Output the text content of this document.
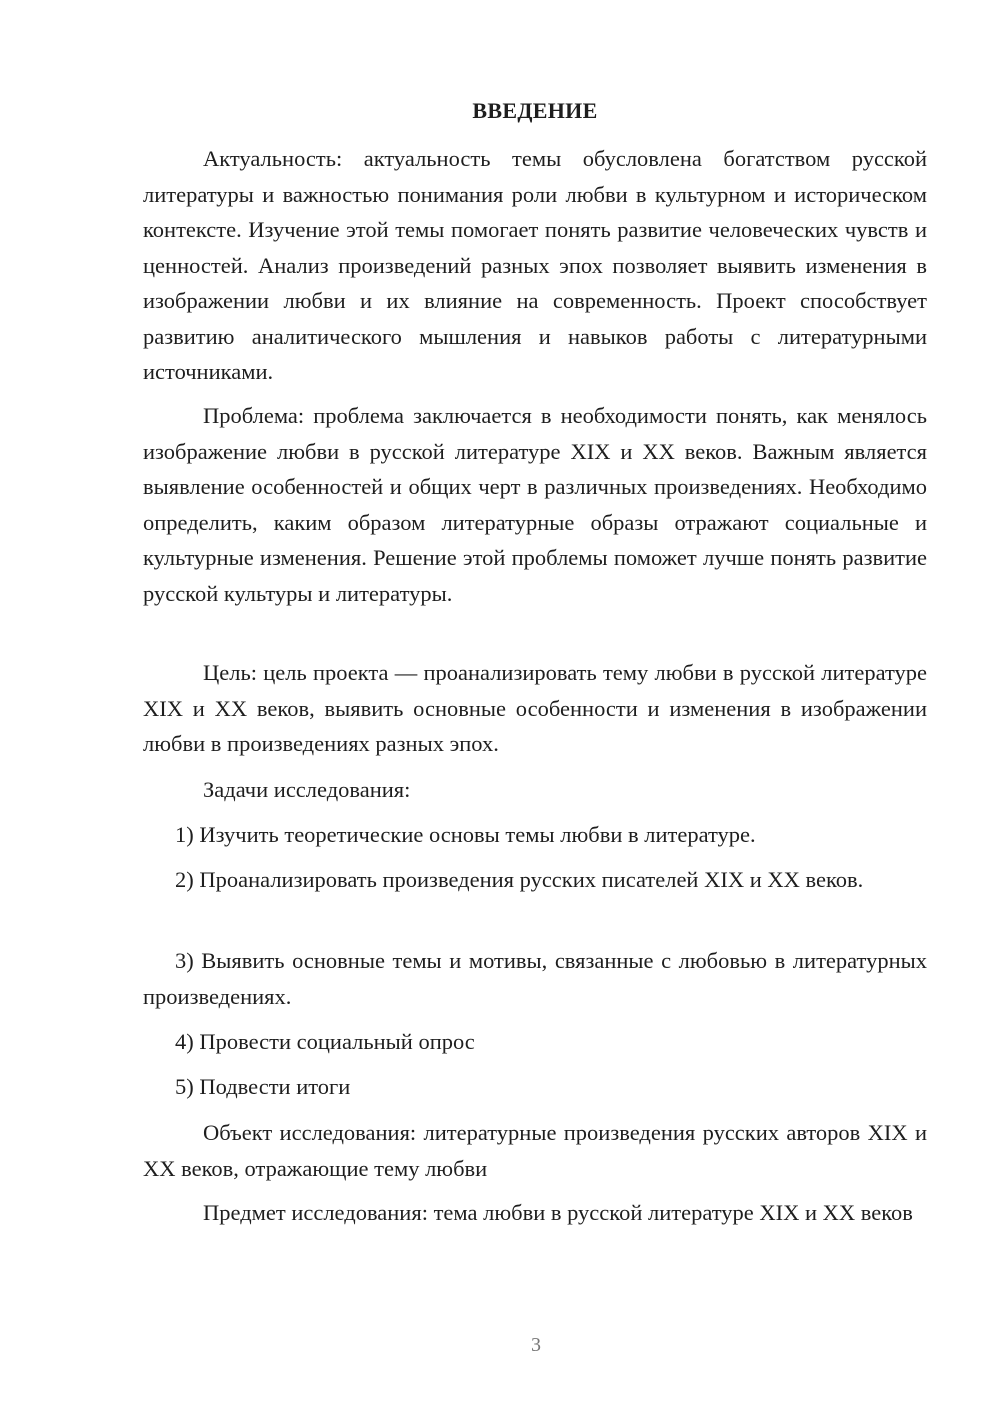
ВВЕДЕНИЕ

Актуальность: актуальность темы обусловлена богатством русской литературы и важностью понимания роли любви в культурном и историческом контексте. Изучение этой темы помогает понять развитие человеческих чувств и ценностей. Анализ произведений разных эпох позволяет выявить изменения в изображении любви и их влияние на современность. Проект способствует развитию аналитического мышления и навыков работы с литературными источниками.

Проблема: проблема заключается в необходимости понять, как менялось изображение любви в русской литературе XIX и XX веков. Важным является выявление особенностей и общих черт в различных произведениях. Необходимо определить, каким образом литературные образы отражают социальные и культурные изменения. Решение этой проблемы поможет лучше понять развитие русской культуры и литературы.

Цель: цель проекта — проанализировать тему любви в русской литературе XIX и XX веков, выявить основные особенности и изменения в изображении любви в произведениях разных эпох.

Задачи исследования:

1) Изучить теоретические основы темы любви в литературе.

2) Проанализировать произведения русских писателей XIX и XX веков.

3) Выявить основные темы и мотивы, связанные с любовью в литературных произведениях.

4) Провести социальный опрос

5) Подвести итоги

Объект исследования: литературные произведения русских авторов XIX и XX веков, отражающие тему любви

Предмет исследования: тема любви в русской литературе XIX и XX веков

3
